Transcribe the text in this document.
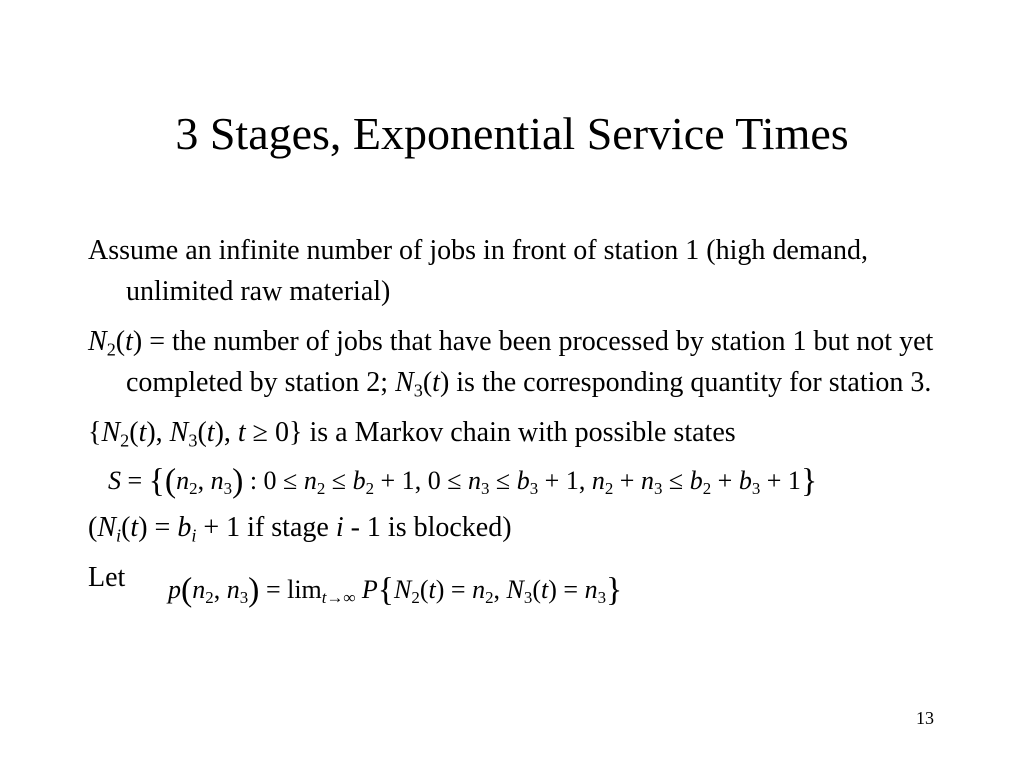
3 Stages, Exponential Service Times
Assume an infinite number of jobs in front of station 1 (high demand, unlimited raw material)
$N_2(t)$ = the number of jobs that have been processed by station 1 but not yet completed by station 2; $N_3(t)$ is the corresponding quantity for station 3.
{$N_2(t)$, $N_3(t)$, t ≥ 0} is a Markov chain with possible states
$S = \{(n_2$, $n_3$) : $0 \le n_2 \le b_2 + 1$, $0 \le n_3 \le b_3 + 1$, $n_2 + n_3 \le b_2 + b_3 + 1$}
($N_i(t) = b_i + 1$ if stage i - 1 is blocked)
Let $p(n_2$, $n_3) = \lim_{t\to\infty} P\{N_2(t) = n_2$, $N_3(t) = n_3$}
13
